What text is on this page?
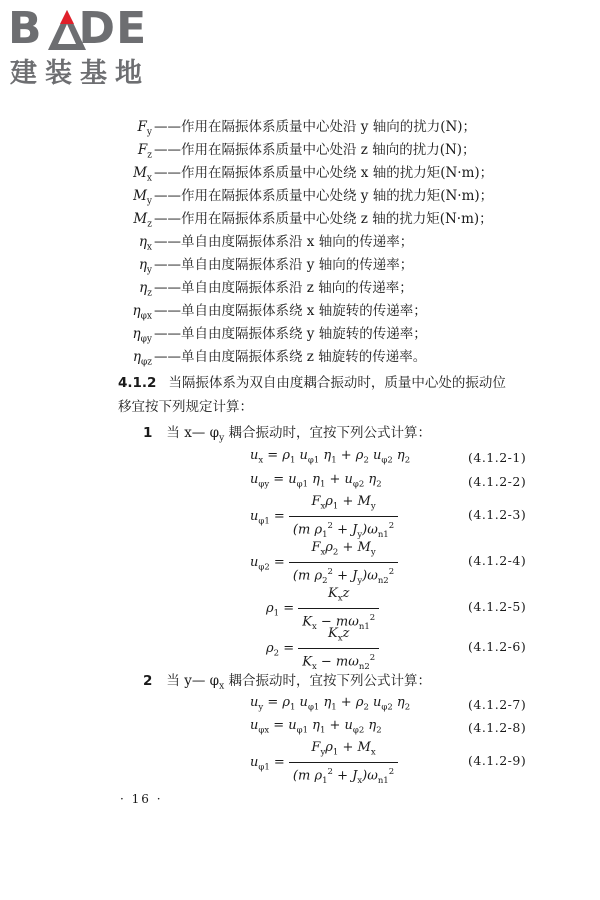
B DE
建装基地
$F_y$ ——作用在隔振体系质量中心处沿 y 轴向的扰力(N)；
$F_z$ ——作用在隔振体系质量中心处沿 z 轴向的扰力(N)；
$M_x$ ——作用在隔振体系质量中心处绕 x 轴的扰力矩(N·m)；
$M_y$ ——作用在隔振体系质量中心处绕 y 轴的扰力矩(N·m)；
$M_z$ ——作用在隔振体系质量中心处绕 z 轴的扰力矩(N·m)；
$\eta_x$ ——单自由度隔振体系沿 x 轴向的传递率；
$\eta_y$ ——单自由度隔振体系沿 y 轴向的传递率；
$\eta_z$ ——单自由度隔振体系沿 z 轴向的传递率；
$\eta_{\varphi x}$ ——单自由度隔振体系绕 x 轴旋转的传递率；
$\eta_{\varphi y}$ ——单自由度隔振体系绕 y 轴旋转的传递率；
$\eta_{\varphi z}$ ——单自由度隔振体系绕 z 轴旋转的传递率。
4.1.2 当隔振体系为双自由度耦合振动时，质量中心处的振动位
移宜按下列规定计算：
1 当 x— $\varphi_y$ 耦合振动时，宜按下列公式计算：
$u_x = \rho_1$ $u_{\varphi 1}$ $\eta_1 + \rho_2$ $u_{\varphi 2}$ $\eta_2$	(4.1.2-1)
$u_{\varphi y} = u_{\varphi 1}$ $\eta_1 + u_{\varphi 2}$ $\eta_2$	(4.1.2-2)
$u_{\varphi 1} = \frac{F_x\rho_1 + M_y}{(m \rho_1^2 + J_y)\omega_{n1}^2}$	(4.1.2-3)
$u_{\varphi 2} = \frac{F_x\rho_2 + M_y}{(m \rho_2^2 + J_y)\omega_{n2}^2}$	(4.1.2-4)
$\rho_1 = \frac{K_xz}{K_x - m\omega_{n1}^2}$	(4.1.2-5)
$\rho_2 = \frac{K_xz}{K_x - m\omega_{n2}^2}$	(4.1.2-6)
2 当 y— $\varphi_x$ 耦合振动时，宜按下列公式计算：
$u_y = \rho_1$ $u_{\varphi 1}$ $\eta_1 + \rho_2$ $u_{\varphi 2}$ $\eta_2$	(4.1.2-7)
$u_{\varphi x} = u_{\varphi 1}$ $\eta_1 + u_{\varphi 2}$ $\eta_2$	(4.1.2-8)
$u_{\varphi 1} = \frac{F_y\rho_1 + M_x}{(m \rho_1^2 + J_x)\omega_{n1}^2}$	(4.1.2-9)
· 16 ·
